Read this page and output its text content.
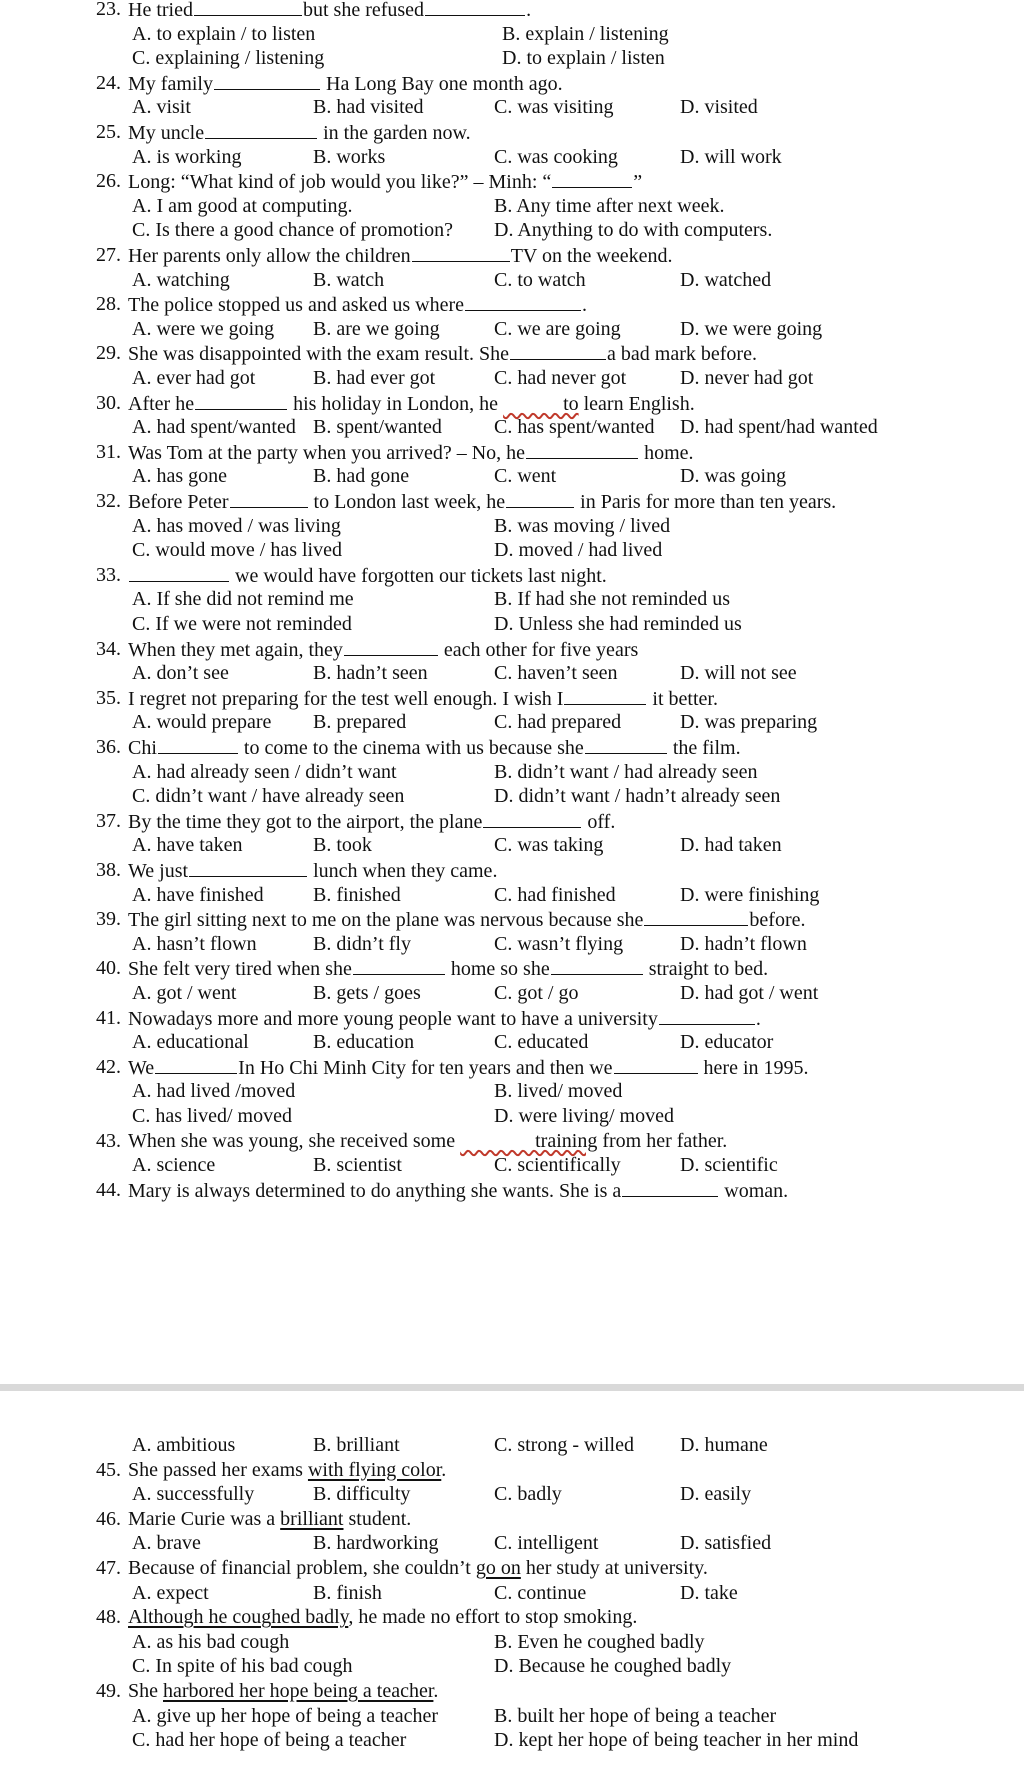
23. He tried	but she refused	.
A. to explain / to listen	B. explain / listening
C. explaining / listening	D. to explain / listen
24. My family	Ha Long Bay one month ago.
A. visit	B. had visited	C. was visiting	D. visited
25. My uncle	in the garden now.
A. is working	B. works	C. was cooking	D. will work
26. Long: “What kind of job would you like?” – Minh: “	”
A. I am good at computing.	B. Any time after next week.
C. Is there a good chance of promotion? D. Anything to do with computers.
27. Her parents only allow the children	TV on the weekend.
A. watching	B. watch	C. to watch	D. watched
28. The police stopped us and asked us where	.
A. were we going B. are we going	C. we are going	D. we were going
29. She was disappointed with the exam result. She	a bad mark before.
A. ever had got	B. had ever got	C. had never got	D. never had got
30. After he	his holiday in London, he             to learn English.
A. had spent/wanted B. spent/wanted	C. has spent/wanted D. had spent/had wanted
31. Was Tom at the party when you arrived? – No, he	home.
A. has gone	B. had gone	C. went	D. was going
32. Before Peter	to London last week, he	in Paris for more than ten years.
A. has moved / was living	B. was moving / lived
C. would move / has lived	D. moved / had lived
33.	we would have forgotten our tickets last night.
A. If she did not remind me	B. If had she not reminded us
C. If we were not reminded	D. Unless she had reminded us
34. When they met again, they	each other for five years
A. don’t see	B. hadn’t seen	C. haven’t seen	D. will not see
35. I regret not preparing for the test well enough. I wish I	it better.
A. would prepare B. prepared	C. had prepared	D. was preparing
36. Chi	to come to the cinema with us because she	the film.
A. had already seen / didn’t want	B. didn’t want / had already seen
C. didn’t want / have already seen	D. didn’t want / hadn’t already seen
37. By the time they got to the airport, the plane	off.
A. have taken	B. took	C. was taking	D. had taken
38. We just	lunch when they came.
A. have finished B. finished	C. had finished	D. were finishing
39. The girl sitting next to me on the plane was nervous because she	before.
A. hasn’t flown	B. didn’t fly	C. wasn’t flying	D. hadn’t flown
40. She felt very tired when she	home so she	straight to bed.
A. got / went	B. gets / goes	C. got / go	D. had got / went
41. Nowadays more and more young people want to have a university	.
A. educational	B. education	C. educated	D. educator
42. We	In Ho Chi Minh City for ten years and then we	here in 1995.
A. had lived /moved	B. lived/ moved
C. has lived/ moved	D. were living/ moved
43. When she was young, she received some                training from her father.
A. science	B. scientist	C. scientifically	D. scientific
44. Mary is always determined to do anything she wants. She is a	woman.
A. ambitious	B. brilliant	C. strong - willed D. humane
45. She passed her exams with flying color.
A. successfully	B. difficulty	C. badly	D. easily
46. Marie Curie was a brilliant student.
A. brave	B. hardworking	C. intelligent	D. satisfied
47. Because of financial problem, she couldn’t go on her study at university.
A. expect	B. finish	C. continue	D. take
48. Although he coughed badly, he made no effort to stop smoking.
A. as his bad cough	B. Even he coughed badly
C. In spite of his bad cough	D. Because he coughed badly
49. She harbored her hope being a teacher.
A. give up her hope of being a teacher	B. built her hope of being a teacher
C. had her hope of being a teacher	D. kept her hope of being teacher in her mind
